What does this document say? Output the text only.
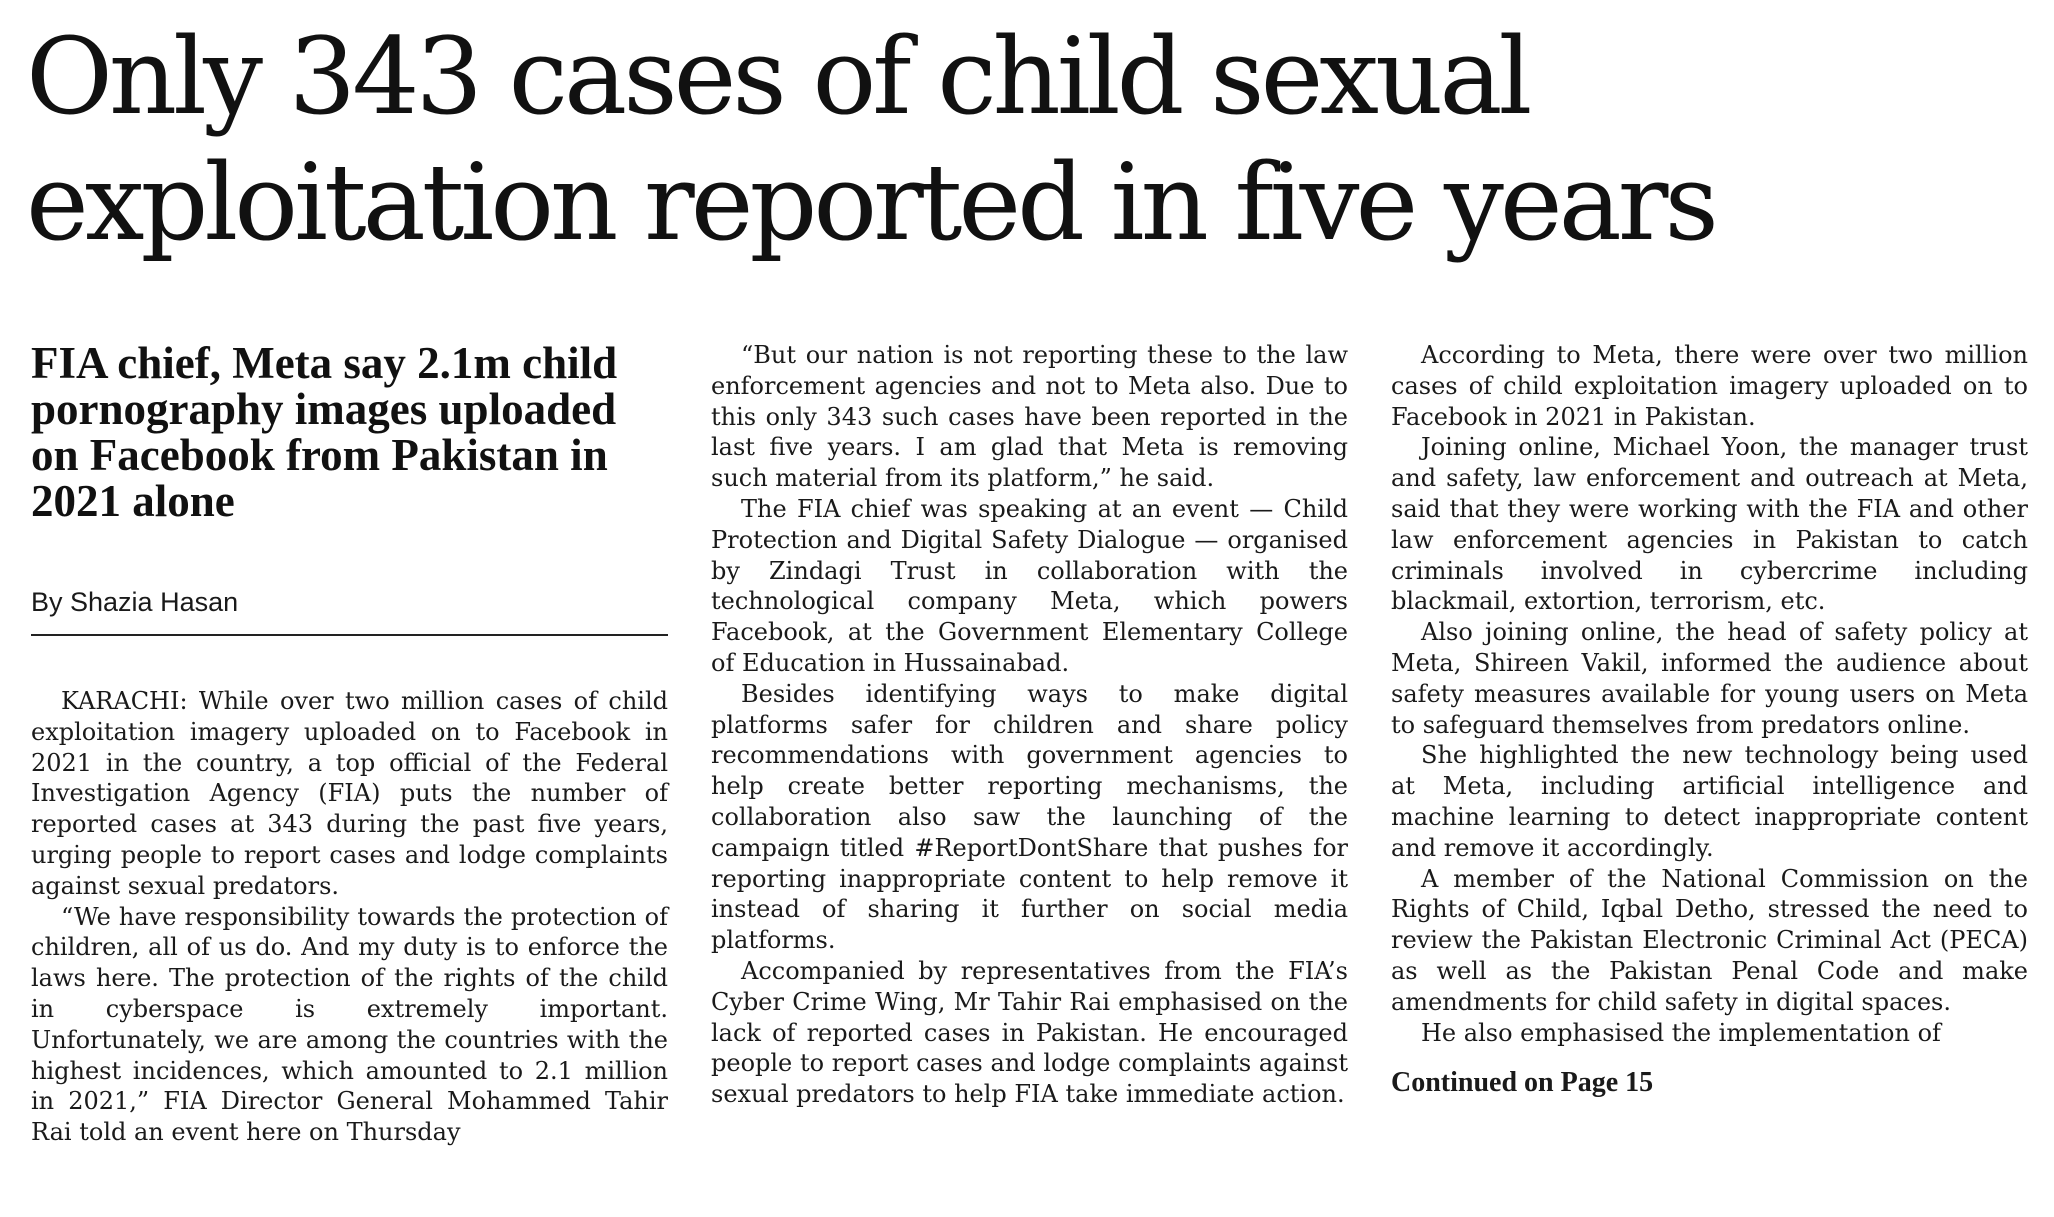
Only 343 cases of child sexual
exploitation reported in five years
FIA chief, Meta say 2.1m child pornography images uploaded on Facebook from Pakistan in 2021 alone
By Shazia Hasan

KARACHI: While over two million cases of child exploitation imagery uploaded on to Facebook in 2021 in the country, a top official of the Federal Investigation Agency (FIA) puts the number of reported cases at 343 during the past five years, urging people to report cases and lodge complaints against sexual predators.

“We have responsibility towards the protection of children, all of us do. And my duty is to enforce the laws here. The protection of the rights of the child in cyberspace is extremely important. Unfortunately, we are among the countries with the highest incidences, which amounted to 2.1 million in 2021,” FIA Director General Mohammed Tahir Rai told an event here on Thursday

“But our nation is not reporting these to the law enforcement agencies and not to Meta also. Due to this only 343 such cases have been reported in the last five years. I am glad that Meta is removing such material from its platform,” he said.

The FIA chief was speaking at an event — Child Protection and Digital Safety Dialogue — organised by Zindagi Trust in collaboration with the technological company Meta, which powers Facebook, at the Government Elementary College of Education in Hussainabad.

Besides identifying ways to make digital platforms safer for children and share policy recommendations with government agencies to help create better reporting mechanisms, the collaboration also saw the launching of the campaign titled #ReportDontShare that pushes for reporting inappropriate content to help remove it instead of sharing it further on social media platforms.

Accompanied by representatives from the FIA’s Cyber Crime Wing, Mr Tahir Rai emphasised on the lack of reported cases in Pakistan. He encouraged people to report cases and lodge complaints against sexual predators to help FIA take immediate action.

According to Meta, there were over two million cases of child exploitation imagery uploaded on to Facebook in 2021 in Pakistan.

Joining online, Michael Yoon, the manager trust and safety, law enforcement and outreach at Meta, said that they were working with the FIA and other law enforcement agencies in Pakistan to catch criminals involved in cybercrime including blackmail, extortion, terrorism, etc.

Also joining online, the head of safety policy at Meta, Shireen Vakil, informed the audience about safety measures available for young users on Meta to safeguard themselves from predators online.

She highlighted the new technology being used at Meta, including artificial intelligence and machine learning to detect inappropriate content and remove it accordingly.

A member of the National Commission on the Rights of Child, Iqbal Detho, stressed the need to review the Pakistan Electronic Criminal Act (PECA) as well as the Pakistan Penal Code and make amendments for child safety in digital spaces.

He also emphasised the implementation of

Continued on Page 15
